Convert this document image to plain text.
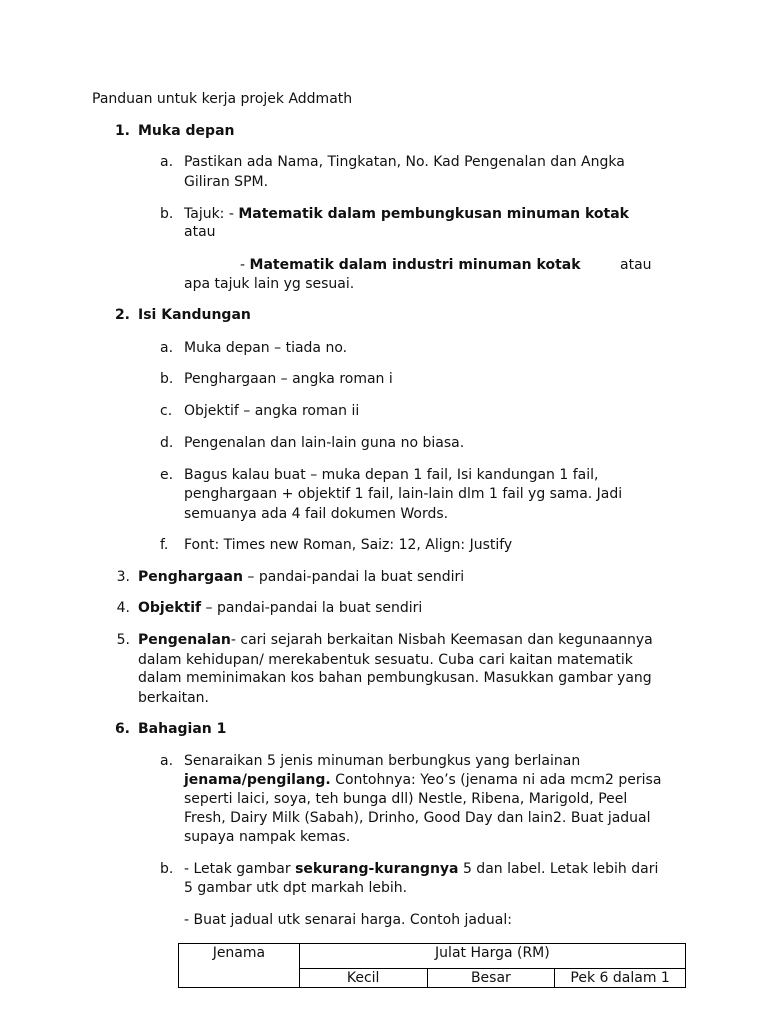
Panduan untuk kerja projek Addmath
1. Muka depan
a. Pastikan ada Nama, Tingkatan, No. Kad Pengenalan dan Angka
Giliran SPM.
b. Tajuk: - Matematik dalam pembungkusan minuman kotak
atau
- Matematik dalam industri minuman kotak	atau
apa tajuk lain yg sesuai.
2. Isi Kandungan
a. Muka depan – tiada no.
b. Penghargaan – angka roman i
c. Objektif – angka roman ii
d. Pengenalan dan lain-lain guna no biasa.
e. Bagus kalau buat – muka depan 1 fail, Isi kandungan 1 fail,
penghargaan + objektif 1 fail, lain-lain dlm 1 fail yg sama. Jadi
semuanya ada 4 fail dokumen Words.
f. Font: Times new Roman, Saiz: 12, Align: Justify
3. Penghargaan – pandai-pandai la buat sendiri
4. Objektif – pandai-pandai la buat sendiri
5. Pengenalan- cari sejarah berkaitan Nisbah Keemasan dan kegunaannya
dalam kehidupan/ merekabentuk sesuatu. Cuba cari kaitan matematik
dalam meminimakan kos bahan pembungkusan. Masukkan gambar yang
berkaitan.
6. Bahagian 1
a. Senaraikan 5 jenis minuman berbungkus yang berlainan
jenama/pengilang. Contohnya: Yeo’s (jenama ni ada mcm2 perisa
seperti laici, soya, teh bunga dll) Nestle, Ribena, Marigold, Peel
Fresh, Dairy Milk (Sabah), Drinho, Good Day dan lain2. Buat jadual
supaya nampak kemas.
b. - Letak gambar sekurang-kurangnya 5 dan label. Letak lebih dari
5 gambar utk dpt markah lebih.
- Buat jadual utk senarai harga. Contoh jadual:
Jenama	Julat Harga (RM)		
	Kecil	Besar	Pek 6 dalam 1
